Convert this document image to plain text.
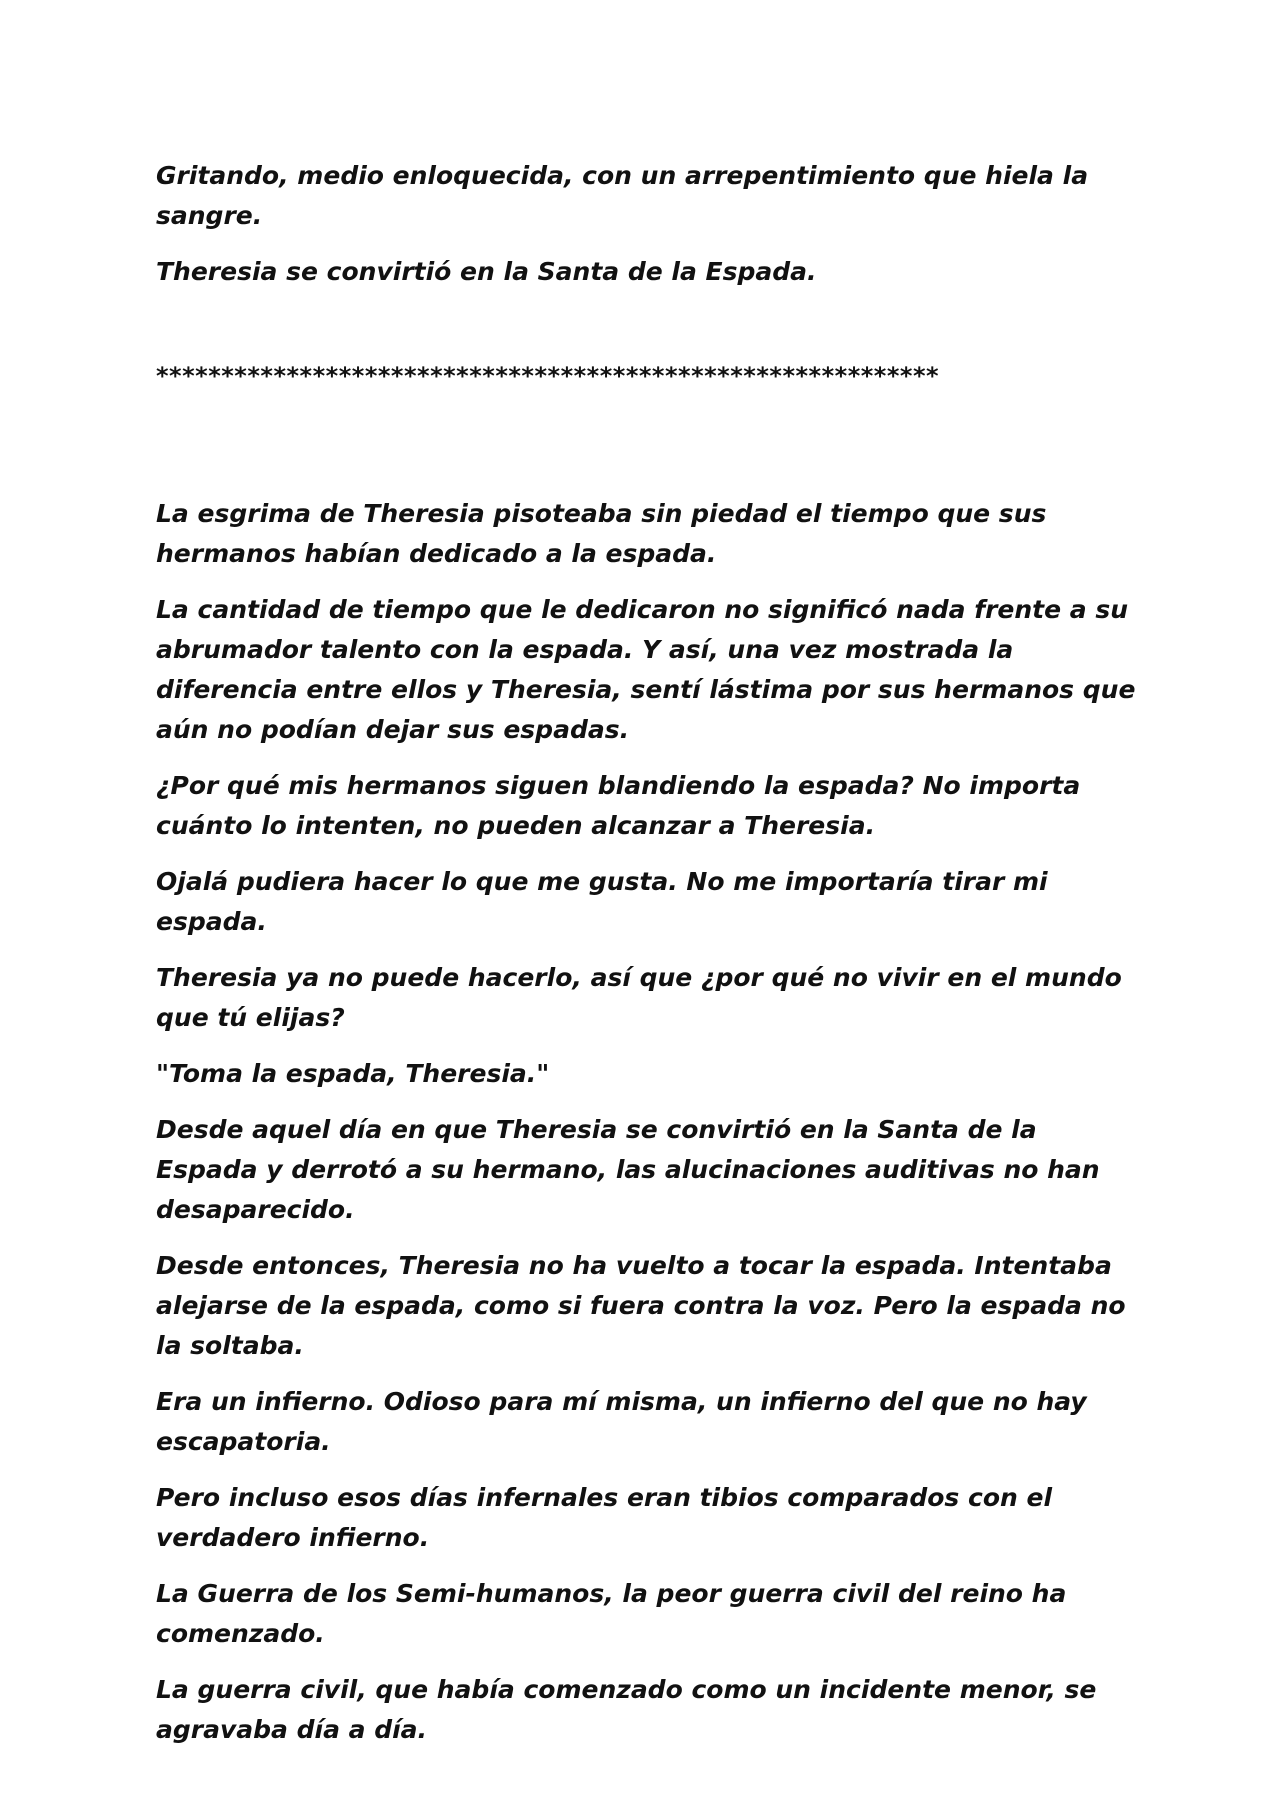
Gritando, medio enloquecida, con un arrepentimiento que hiela la sangre.

Theresia se convirtió en la Santa de la Espada.

************************************************************

La esgrima de Theresia pisoteaba sin piedad el tiempo que sus hermanos habían dedicado a la espada.

La cantidad de tiempo que le dedicaron no significó nada frente a su abrumador talento con la espada. Y así, una vez mostrada la diferencia entre ellos y Theresia, sentí lástima por sus hermanos que aún no podían dejar sus espadas.

¿Por qué mis hermanos siguen blandiendo la espada? No importa cuánto lo intenten, no pueden alcanzar a Theresia.

Ojalá pudiera hacer lo que me gusta. No me importaría tirar mi espada.

Theresia ya no puede hacerlo, así que ¿por qué no vivir en el mundo que tú elijas?

"Toma la espada, Theresia."

Desde aquel día en que Theresia se convirtió en la Santa de la Espada y derrotó a su hermano, las alucinaciones auditivas no han desaparecido.

Desde entonces, Theresia no ha vuelto a tocar la espada. Intentaba alejarse de la espada, como si fuera contra la voz. Pero la espada no la soltaba.

Era un infierno. Odioso para mí misma, un infierno del que no hay escapatoria.

Pero incluso esos días infernales eran tibios comparados con el verdadero infierno.

La Guerra de los Semi-humanos, la peor guerra civil del reino ha comenzado.

La guerra civil, que había comenzado como un incidente menor, se agravaba día a día.
